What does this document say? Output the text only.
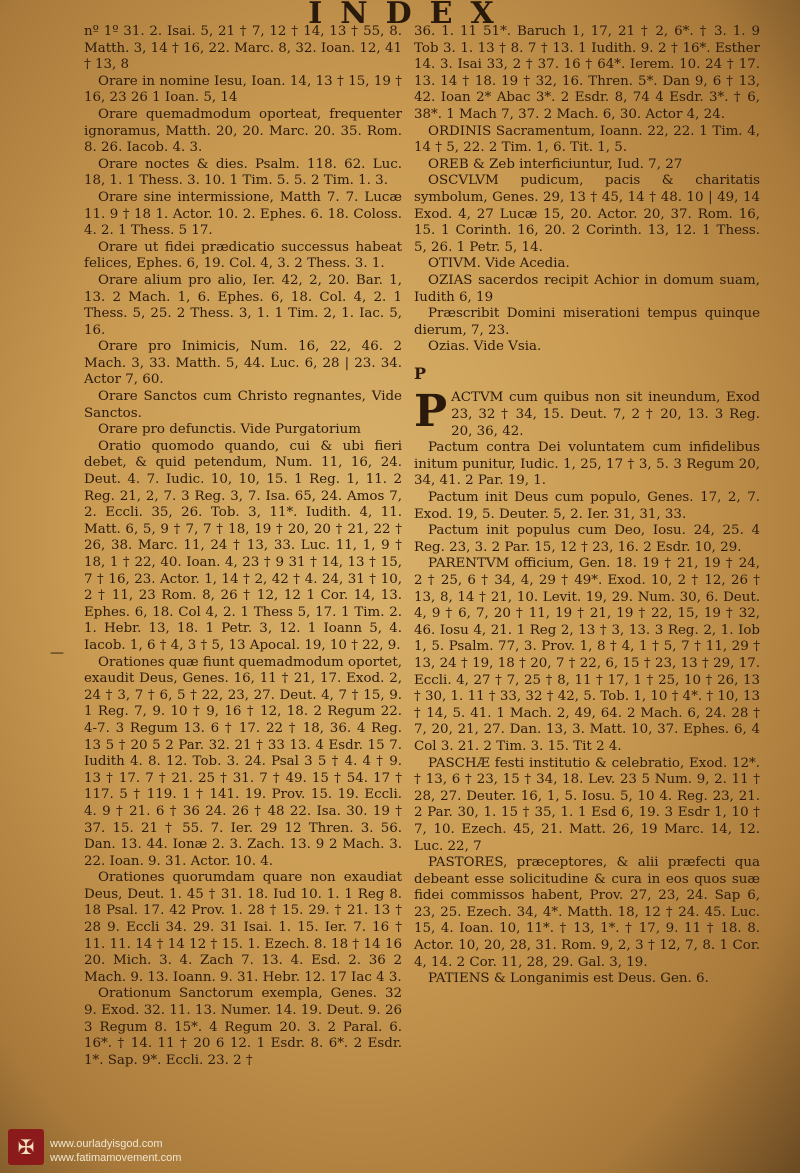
INDEX
—

nº 1º 31. 2. Isai. 5, 21 † 7, 12 † 14, 13 † 55, 8. Matth. 3, 14 † 16, 22. Marc. 8, 32. Ioan. 12, 41 † 13, 8

Orare in nomine Iesu, Ioan. 14, 13 † 15, 19 † 16, 23 26 1 Ioan. 5, 14

Orare quemadmodum oporteat, frequenter ignoramus, Matth. 20, 20. Marc. 20. 35. Rom. 8. 26. Iacob. 4. 3.

Orare noctes & dies. Psalm. 118. 62. Luc. 18, 1. 1 Thess. 3. 10. 1 Tim. 5. 5. 2 Tim. 1. 3.

Orare sine intermissione, Matth 7. 7. Lucæ 11. 9 † 18 1. Actor. 10. 2. Ephes. 6. 18. Coloss. 4. 2. 1 Thess. 5 17.

Orare ut fidei prædicatio successus habeat felices, Ephes. 6, 19. Col. 4, 3. 2 Thess. 3. 1.

Orare alium pro alio, Ier. 42, 2, 20. Bar. 1, 13. 2 Mach. 1, 6. Ephes. 6, 18. Col. 4, 2. 1 Thess. 5, 25. 2 Thess. 3, 1. 1 Tim. 2, 1. Iac. 5, 16.

Orare pro Inimicis, Num. 16, 22, 46. 2 Mach. 3, 33. Matth. 5, 44. Luc. 6, 28 | 23. 34. Actor 7, 60.

Orare Sanctos cum Christo regnantes, Vide Sanctos.

Orare pro defunctis. Vide Purgatorium

Oratio quomodo quando, cui & ubi fieri debet, & quid petendum, Num. 11, 16, 24. Deut. 4. 7. Iudic. 10, 10, 15. 1 Reg. 1, 11. 2 Reg. 21, 2, 7. 3 Reg. 3, 7. Isa. 65, 24. Amos 7, 2. Eccli. 35, 26. Tob. 3, 11*. Iudith. 4, 11. Matt. 6, 5, 9 † 7, 7 † 18, 19 † 20, 20 † 21, 22 † 26, 38. Marc. 11, 24 † 13, 33. Luc. 11, 1, 9 † 18, 1 † 22, 40. Ioan. 4, 23 † 9 31 † 14, 13 † 15, 7 † 16, 23. Actor. 1, 14 † 2, 42 † 4. 24, 31 † 10, 2 † 11, 23 Rom. 8, 26 † 12, 12 1 Cor. 14, 13. Ephes. 6, 18. Col 4, 2. 1 Thess 5, 17. 1 Tim. 2. 1. Hebr. 13, 18. 1 Petr. 3, 12. 1 Ioann 5, 4. Iacob. 1, 6 † 4, 3 † 5, 13 Apocal. 19, 10 † 22, 9.

Orationes quæ fiunt quemadmodum oportet, exaudit Deus, Genes. 16, 11 † 21, 17. Exod. 2, 24 † 3, 7 † 6, 5 † 22, 23, 27. Deut. 4, 7 † 15, 9. 1 Reg. 7, 9. 10 † 9, 16 † 12, 18. 2 Regum 22. 4-7. 3 Regum 13. 6 † 17. 22 † 18, 36. 4 Reg. 13 5 † 20 5 2 Par. 32. 21 † 33 13. 4 Esdr. 15 7. Iudith 4. 8. 12. Tob. 3. 24. Psal 3 5 † 4. 4 † 9. 13 † 17. 7 † 21. 25 † 31. 7 † 49. 15 † 54. 17 † 117. 5 † 119. 1 † 141. 19. Prov. 15. 19. Eccli. 4. 9 † 21. 6 † 36 24. 26 † 48 22. Isa. 30. 19 † 37. 15. 21 † 55. 7. Ier. 29 12 Thren. 3. 56. Dan. 13. 44. Ionæ 2. 3. Zach. 13. 9 2 Mach. 3. 22. Ioan. 9. 31. Actor. 10. 4.

Orationes quorumdam quare non exaudiat Deus, Deut. 1. 45 † 31. 18. Iud 10. 1. 1 Reg 8. 18 Psal. 17. 42 Prov. 1. 28 † 15. 29. † 21. 13 † 28 9. Eccli 34. 29. 31 Isai. 1. 15. Ier. 7. 16 † 11. 11. 14 † 14 12 † 15. 1. Ezech. 8. 18 † 14 16 20. Mich. 3. 4. Zach 7. 13. 4. Esd. 2. 36 2 Mach. 9. 13. Ioann. 9. 31. Hebr. 12. 17 Iac 4 3.

Orationum Sanctorum exempla, Genes. 32 9. Exod. 32. 11. 13. Numer. 14. 19. Deut. 9. 26 3 Regum 8. 15*. 4 Regum 20. 3. 2 Paral. 6. 16*. † 14. 11 † 20 6 12. 1 Esdr. 8. 6*. 2 Esdr. 1*. Sap. 9*. Eccli. 23. 2 †

36. 1. 11 51*. Baruch 1, 17, 21 † 2, 6*. † 3. 1. 9 Tob 3. 1. 13 † 8. 7 † 13. 1 Iudith. 9. 2 † 16*. Esther 14. 3. Isai 33, 2 † 37. 16 † 64*. Ierem. 10. 24 † 17. 13. 14 † 18. 19 † 32, 16. Thren. 5*. Dan 9, 6 † 13, 42. Ioan 2* Abac 3*. 2 Esdr. 8, 74 4 Esdr. 3*. † 6, 38*. 1 Mach 7, 37. 2 Mach. 6, 30. Actor 4, 24.

ORDINIS Sacramentum, Ioann. 22, 22. 1 Tim. 4, 14 † 5, 22. 2 Tim. 1, 6. Tit. 1, 5.

OREB & Zeb interficiuntur, Iud. 7, 27

OSCVLVM pudicum, pacis & charitatis symbolum, Genes. 29, 13 † 45, 14 † 48. 10 | 49, 14 Exod. 4, 27 Lucæ 15, 20. Actor. 20, 37. Rom. 16, 15. 1 Corinth. 16, 20. 2 Corinth. 13, 12. 1 Thess. 5, 26. 1 Petr. 5, 14.

OTIVM. Vide Acedia.

OZIAS sacerdos recipit Achior in domum suam, Iudith 6, 19

Præscribit Domini miserationi tempus quinque dierum, 7, 23.

Ozias. Vide Vsia.

P

PACTVM cum quibus non sit ineundum, Exod 23, 32 † 34, 15. Deut. 7, 2 † 20, 13. 3 Reg. 20, 36, 42.

Pactum contra Dei voluntatem cum infidelibus initum punitur, Iudic. 1, 25, 17 † 3, 5. 3 Regum 20, 34, 41. 2 Par. 19, 1.

Pactum init Deus cum populo, Genes. 17, 2, 7. Exod. 19, 5. Deuter. 5, 2. Ier. 31, 31, 33.

Pactum init populus cum Deo, Iosu. 24, 25. 4 Reg. 23, 3. 2 Par. 15, 12 † 23, 16. 2 Esdr. 10, 29.

PARENTVM officium, Gen. 18. 19 † 21, 19 † 24, 2 † 25, 6 † 34, 4, 29 † 49*. Exod. 10, 2 † 12, 26 † 13, 8, 14 † 21, 10. Levit. 19, 29. Num. 30, 6. Deut. 4, 9 † 6, 7, 20 † 11, 19 † 21, 19 † 22, 15, 19 † 32, 46. Iosu 4, 21. 1 Reg 2, 13 † 3, 13. 3 Reg. 2, 1. Iob 1, 5. Psalm. 77, 3. Prov. 1, 8 † 4, 1 † 5, 7 † 11, 29 † 13, 24 † 19, 18 † 20, 7 † 22, 6, 15 † 23, 13 † 29, 17. Eccli. 4, 27 † 7, 25 † 8, 11 † 17, 1 † 25, 10 † 26, 13 † 30, 1. 11 † 33, 32 † 42, 5. Tob. 1, 10 † 4*. † 10, 13 † 14, 5. 41. 1 Mach. 2, 49, 64. 2 Mach. 6, 24. 28 † 7, 20, 21, 27. Dan. 13, 3. Matt. 10, 37. Ephes. 6, 4 Col 3. 21. 2 Tim. 3. 15. Tit 2 4.

PASCHÆ festi institutio & celebratio, Exod. 12*. † 13, 6 † 23, 15 † 34, 18. Lev. 23 5 Num. 9, 2. 11 † 28, 27. Deuter. 16, 1, 5. Iosu. 5, 10 4. Reg. 23, 21. 2 Par. 30, 1. 15 † 35, 1. 1 Esd 6, 19. 3 Esdr 1, 10 † 7, 10. Ezech. 45, 21. Matt. 26, 19 Marc. 14, 12. Luc. 22, 7

PASTORES, præceptores, & alii præfecti qua debeant esse solicitudine & cura in eos quos suæ fidei commissos habent, Prov. 27, 23, 24. Sap 6, 23, 25. Ezech. 34, 4*. Matth. 18, 12 † 24. 45. Luc. 15, 4. Ioan. 10, 11*. † 13, 1*. † 17, 9. 11 † 18. 8. Actor. 10, 20, 28, 31. Rom. 9, 2, 3 † 12, 7, 8. 1 Cor. 4, 14. 2 Cor. 11, 28, 29. Gal. 3, 19.

PATIENS & Longanimis est Deus. Gen. 6.

✠	www.ourladyisgod.com
www.fatimamovement.com
